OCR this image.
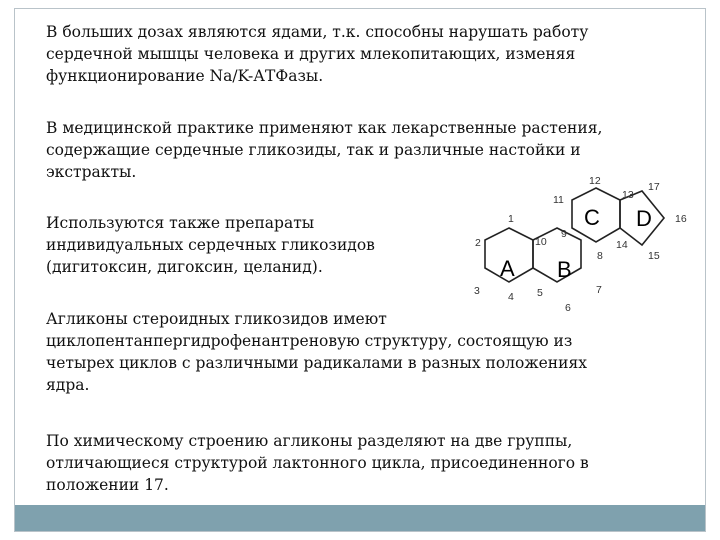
В больших дозах являются ядами, т.к. способны нарушать работу
сердечной мышцы человека и других млекопитающих, изменяя
функционирование Na/K-АТФазы.
В медицинской практике применяют как лекарственные растения,
содержащие сердечные гликозиды, так и различные настойки и
экстракты.
Используются также препараты
индивидуальных сердечных гликозидов
(дигитоксин, дигоксин, целанид).
Агликоны стероидных гликозидов имеют
циклопентанпергидрофенантреновую структуру, состоящую из
четырех циклов с различными радикалами в разных положениях
ядра.
По химическому строению агликоны разделяют на две группы,
отличающиеся структурой лактонного цикла, присоединенного в
положении 17.
A B
C D
1
2
3	4 5
6
7
8
9
10
11
12
13
14
15
16
17
